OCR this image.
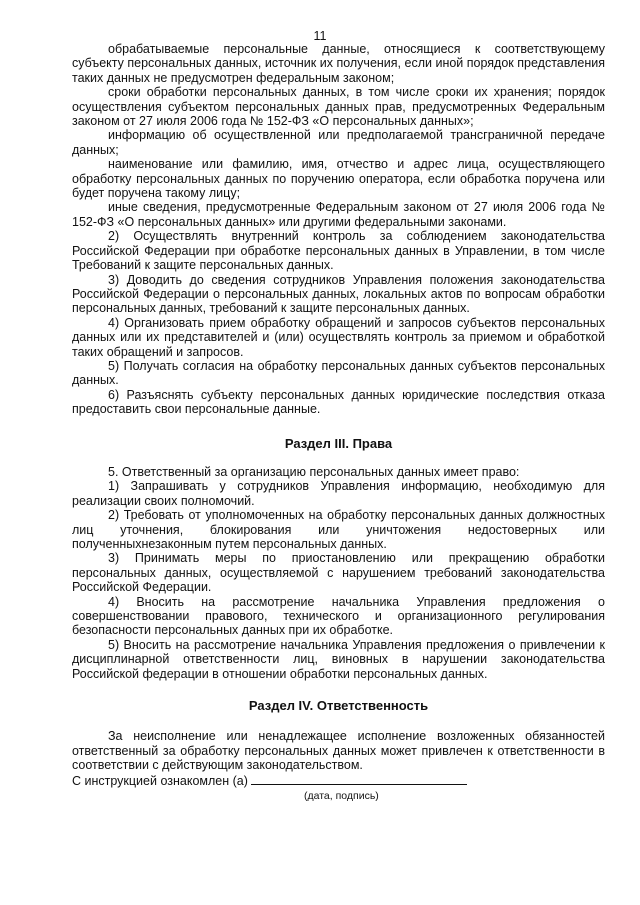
11

обрабатываемые персональные данные, относящиеся к соответствующему субъекту персональных данных, источник их получения, если иной порядок представления таких данных не предусмотрен федеральным законом;

сроки обработки персональных данных, в том числе сроки их хранения; порядок осуществления субъектом персональных данных прав, предусмотренных Федеральным законом от 27 июля 2006 года № 152-ФЗ «О персональных данных»;

информацию об осуществленной или предполагаемой трансграничной передаче данных;

наименование или фамилию, имя, отчество и адрес лица, осуществляющего обработку персональных данных по поручению оператора, если обработка поручена или будет поручена такому лицу;

иные сведения, предусмотренные Федеральным законом от 27 июля 2006 года № 152-ФЗ «О персональных данных» или другими федеральными законами.

2) Осуществлять внутренний контроль за соблюдением законодательства Российской Федерации при обработке персональных данных в Управлении, в том числе Требований к защите персональных данных.

3) Доводить до сведения сотрудников Управления положения законодательства Российской Федерации о персональных данных, локальных актов по вопросам обработки персональных данных, требований к защите персональных данных.

4) Организовать прием обработку обращений и запросов субъектов персональных данных или их представителей и (или) осуществлять контроль за приемом и обработкой таких обращений и запросов.

5) Получать согласия на обработку персональных данных субъектов персональных данных.

6) Разъяснять субъекту персональных данных юридические последствия отказа предоставить свои персональные данные.

Раздел III. Права

5. Ответственный за организацию персональных данных имеет право:

1) Запрашивать у сотрудников Управления информацию, необходимую для реализации своих полномочий.

2) Требовать от уполномоченных на обработку персональных данных должностных лиц уточнения, блокирования или уничтожения недостоверных или полученныхнезаконным путем персональных данных.

3) Принимать меры по приостановлению или прекращению обработки персональных данных, осуществляемой с нарушением требований законодательства Российской Федерации.

4) Вносить на рассмотрение начальника Управления предложения о совершенствовании правового, технического и организационного регулирования безопасности персональных данных при их обработке.

5) Вносить на рассмотрение начальника Управления предложения о привлечении к дисциплинарной ответственности лиц, виновных в нарушении законодательства Российской федерации в отношении обработки персональных данных.

Раздел IV. Ответственность

За неисполнение или ненадлежащее исполнение возложенных обязанностей ответственный за обработку персональных данных может привлечен к ответственности в соответствии с действующим законодательством.

С инструкцией ознакомлен (а)

(дата, подпись)
